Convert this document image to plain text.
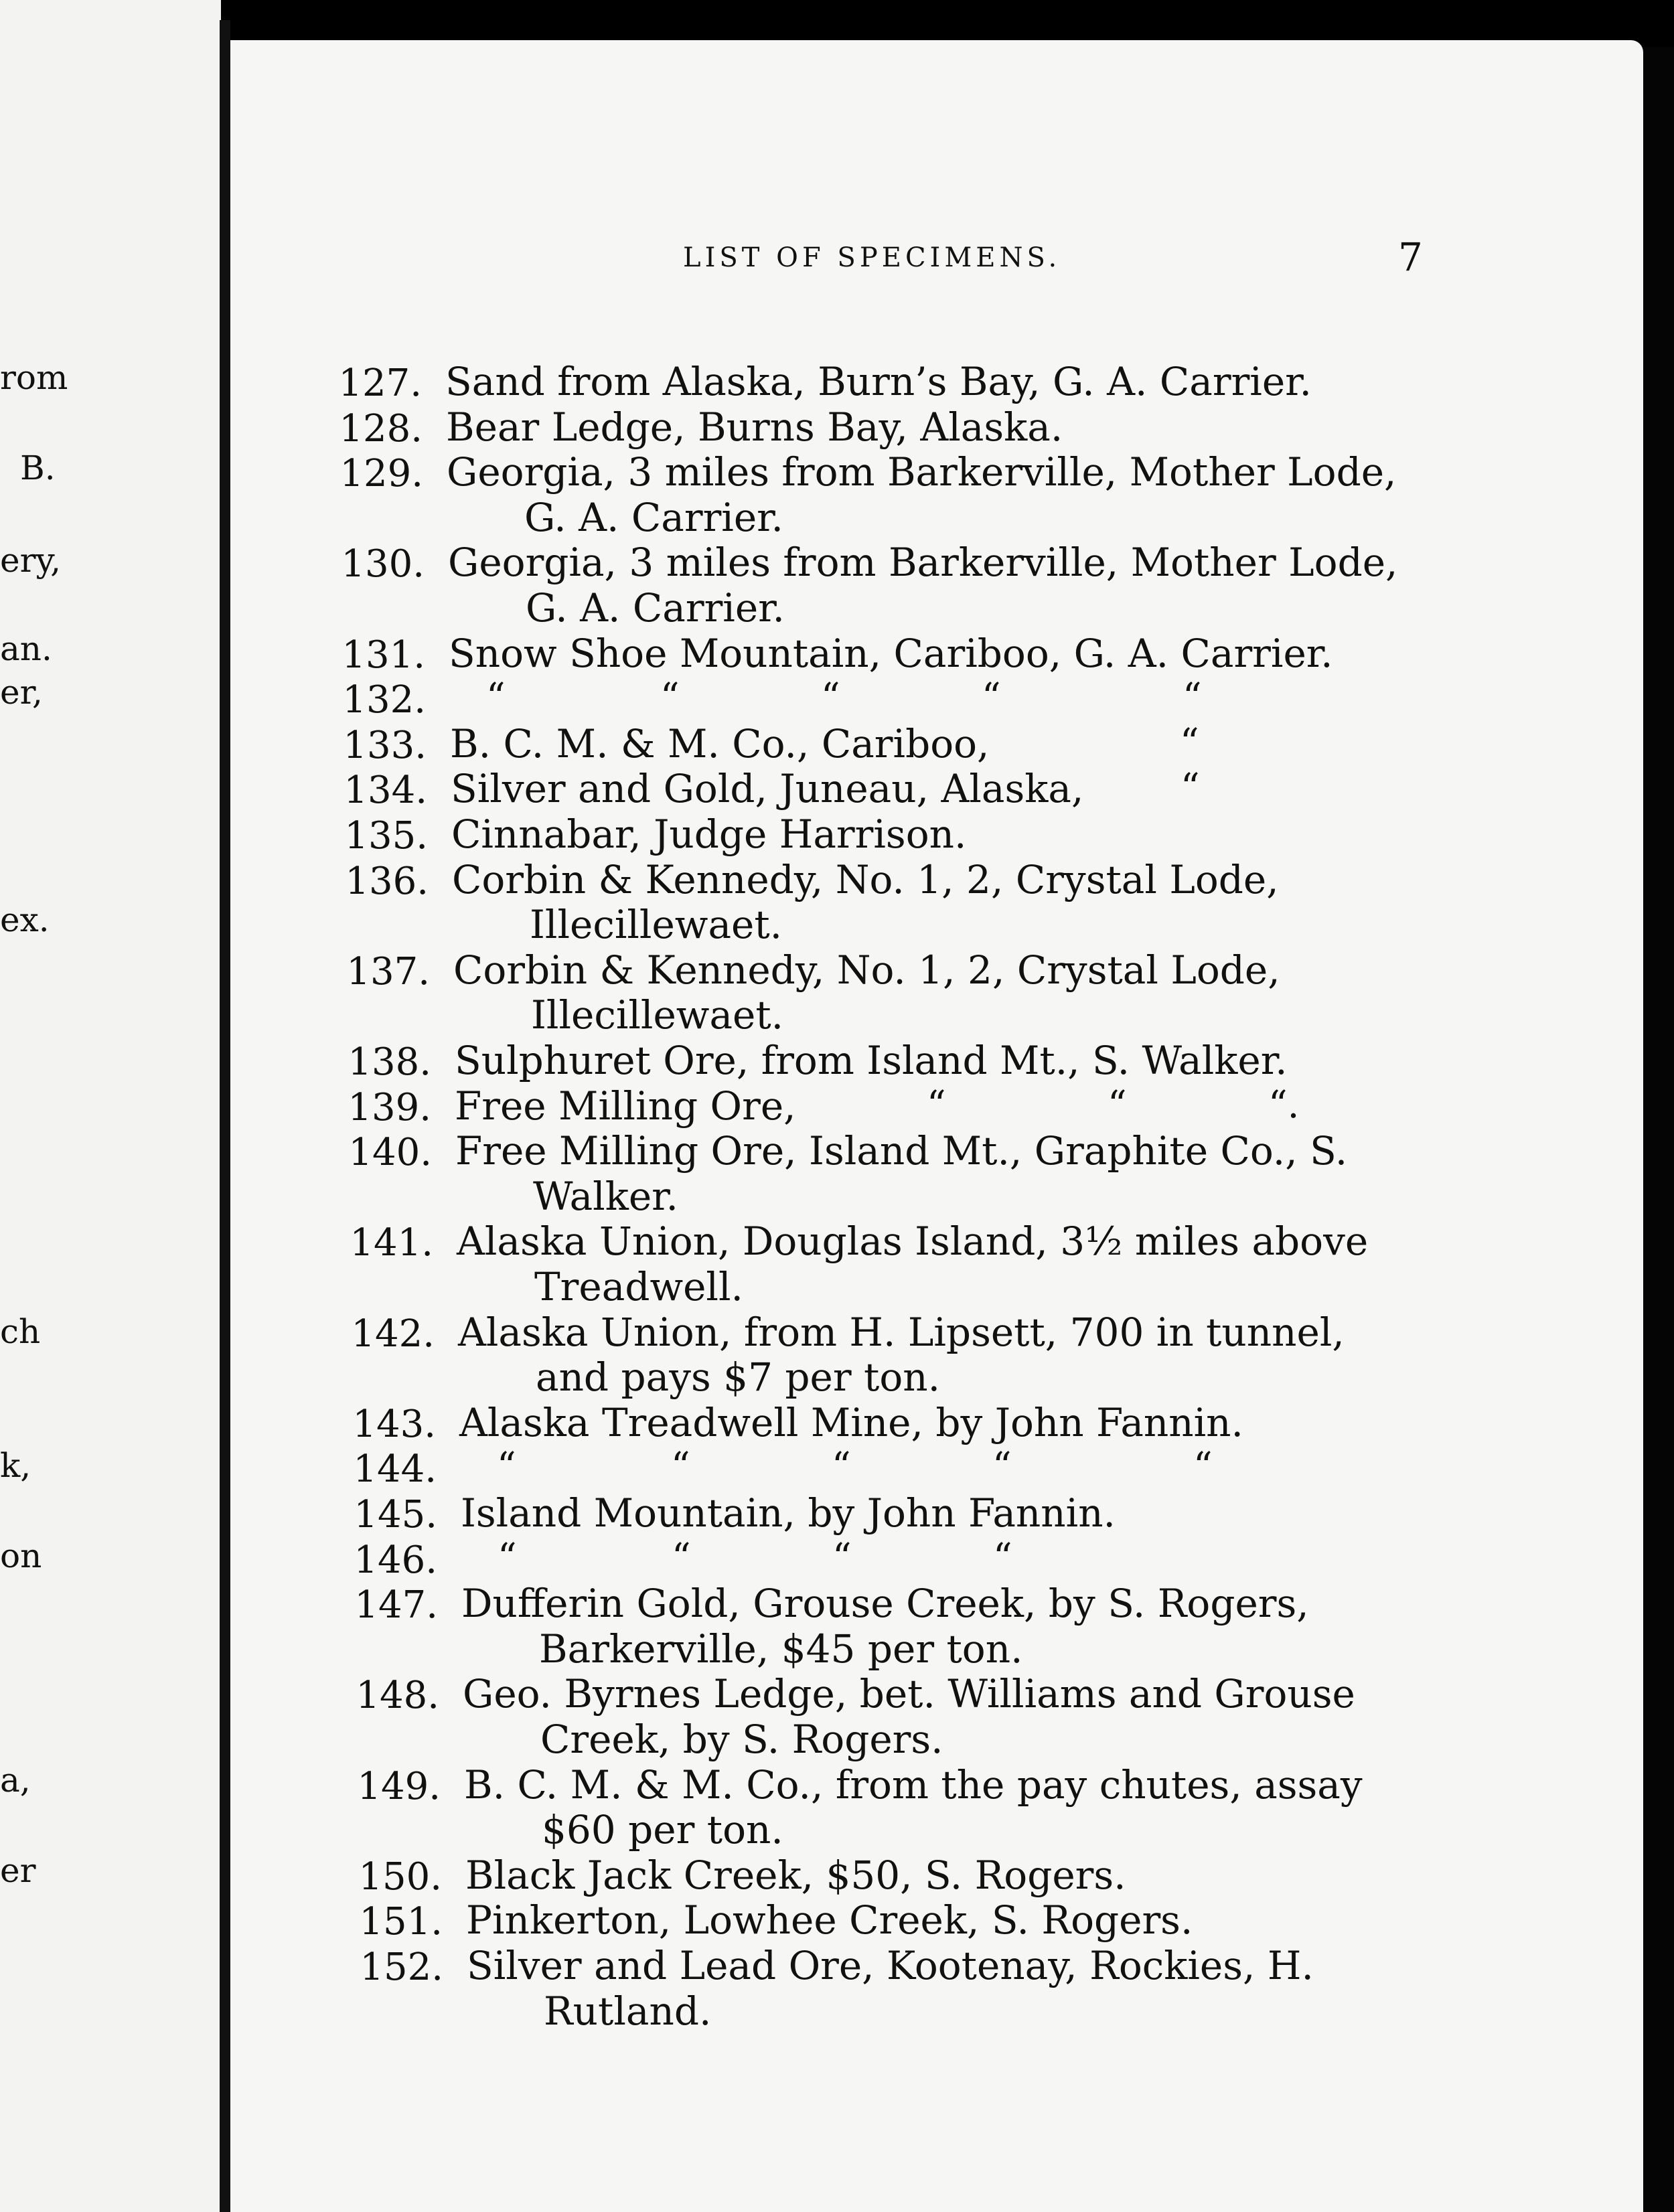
rom
B.
ery,
an.
er,
ex.
ch
k,
on
a,
er
LIST OF SPECIMENS.	7
127. Sand from Alaska, Burn’s Bay, G. A. Carrier.
128. Bear Ledge, Burns Bay, Alaska.
129. Georgia, 3 miles from Barkerville, Mother Lode,
G. A. Carrier.
130. Georgia, 3 miles from Barkerville, Mother Lode,
G. A. Carrier.
131. Snow Shoe Mountain, Cariboo, G. A. Carrier.
132. “	“	“	“	“
133. B. C. M. & M. Co., Cariboo,	“
134. Silver and Gold, Juneau, Alaska,	“
135. Cinnabar, Judge Harrison.
136. Corbin & Kennedy, No. 1, 2, Crystal Lode,
Illecillewaet.
137. Corbin & Kennedy, No. 1, 2, Crystal Lode,
Illecillewaet.
138. Sulphuret Ore, from Island Mt., S. Walker.
139. Free Milling Ore,	“	“	“.
140. Free Milling Ore, Island Mt., Graphite Co., S.
Walker.
141. Alaska Union, Douglas Island, 3½ miles above
Treadwell.
142. Alaska Union, from H. Lipsett, 700 in tunnel,
and pays $7 per ton.
143. Alaska Treadwell Mine, by John Fannin.
144. “	“	“	“	“
145. Island Mountain, by John Fannin.
146. “	“	“	“
147. Dufferin Gold, Grouse Creek, by S. Rogers,
Barkerville, $45 per ton.
148. Geo. Byrnes Ledge, bet. Williams and Grouse
Creek, by S. Rogers.
149. B. C. M. & M. Co., from the pay chutes, assay
$60 per ton.
150. Black Jack Creek, $50, S. Rogers.
151. Pinkerton, Lowhee Creek, S. Rogers.
152. Silver and Lead Ore, Kootenay, Rockies, H.
Rutland.
